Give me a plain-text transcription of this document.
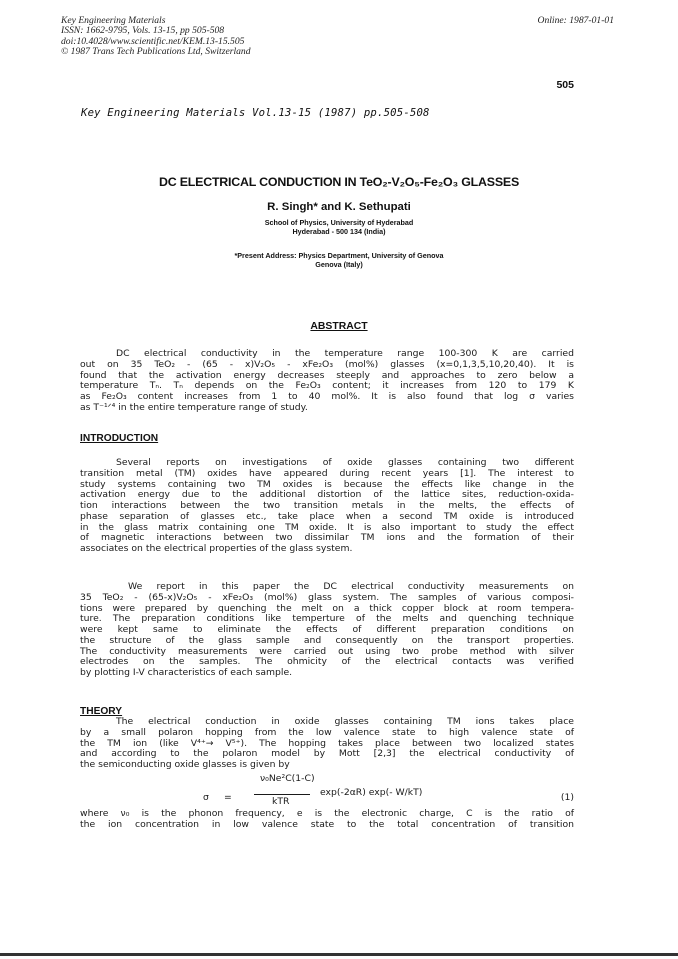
Key Engineering Materials
ISSN: 1662-9795, Vols. 13-15, pp 505-508
doi:10.4028/www.scientific.net/KEM.13-15.505
© 1987 Trans Tech Publications Ltd, Switzerland
Online: 1987-01-01
505
Key Engineering Materials Vol.13-15 (1987) pp.505-508
DC ELECTRICAL CONDUCTION IN TeO₂-V₂O₅-Fe₂O₃ GLASSES
R. Singh* and K. Sethupati
School of Physics, University of Hyderabad
Hyderabad - 500 134 (India)
*Present Address: Physics Department, University of Genova
Genova (Italy)
ABSTRACT
DC electrical conductivity in the temperature range 100-300 K are carried
out on 35 TeO₂ - (65 - x)V₂O₅ - xFe₂O₃ (mol%) glasses (x=0,1,3,5,10,20,40). It is
found that the activation energy decreases steeply and approaches to zero below a
temperature Tₙ. Tₙ depends on the Fe₂O₃ content; it increases from 120 to 179 K
as Fe₂O₃ content increases from 1 to 40 mol%. It is also found that log σ varies
as T⁻¹ᐟ⁴ in the entire temperature range of study.
INTRODUCTION
Several reports on investigations of oxide glasses containing two different
transition metal (TM) oxides have appeared during recent years [1]. The interest to
study systems containing two TM oxides is because the effects like change in the
activation energy due to the additional distortion of the lattice sites, reduction-oxida-
tion interactions between the two transition metals in the melts, the effects of
phase separation of glasses etc., take place when a second TM oxide is introduced
in the glass matrix containing one TM oxide. It is also important to study the effect
of magnetic interactions between two dissimilar TM ions and the formation of their
associates on the electrical properties of the glass system.
We report in this paper the DC electrical conductivity measurements on
35 TeO₂ - (65-x)V₂O₅ - xFe₂O₃ (mol%) glass system. The samples of various composi-
tions were prepared by quenching the melt on a thick copper block at room tempera-
ture. The preparation conditions like temperture of the melts and quenching technique
were kept same to eliminate the effects of different preparation conditions on
the structure of the glass sample and consequently on the transport properties.
The conductivity measurements were carried out using two probe method with silver
electrodes on the samples. The ohmicity of the electrical contacts was verified
by plotting I-V characteristics of each sample.
THEORY
The electrical conduction in oxide glasses containing TM ions takes place
by a small polaron hopping from the low valence state to high valence state of
the TM ion (like V⁴⁺→ V⁵⁺). The hopping takes place between two localized states
and according to the polaron model by Mott [2,3] the electrical conductivity of
the semiconducting oxide glasses is given by
σ =
ν₀Ne²C(1-C)
kTR
exp(-2αR) exp(- W/kT)	(1)
where ν₀ is the phonon frequency, e is the electronic charge, C is the ratio of
the ion concentration in low valence state to the total concentration of transition
